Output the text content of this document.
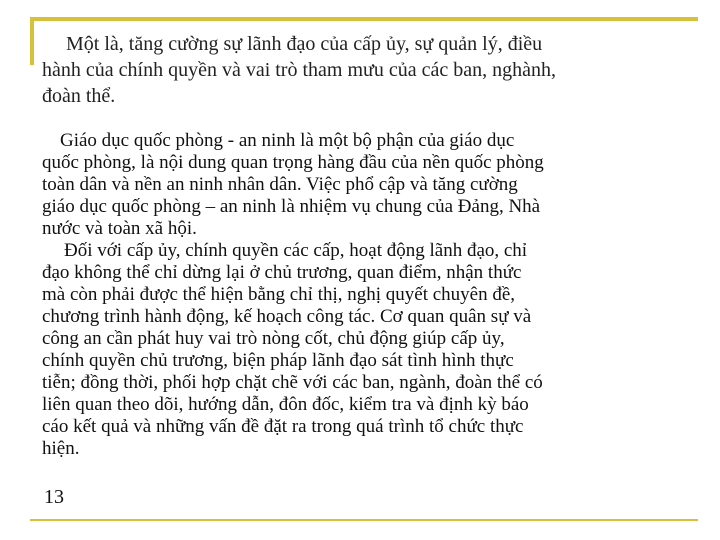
Một là, tăng cường sự lãnh đạo của cấp ủy, sự quản lý, điều
hành của chính quyền và vai trò tham mưu của các ban, nghành,
đoàn thể.
Giáo dục quốc phòng - an ninh là một bộ phận của giáo dục
quốc phòng, là nội dung quan trọng hàng đầu của nền quốc phòng
toàn dân và nền an ninh nhân dân. Việc phổ cập và tăng cường
giáo dục quốc phòng – an ninh là nhiệm vụ chung của Đảng, Nhà
nước và toàn xã hội.
Đối với cấp ủy, chính quyền các cấp, hoạt động lãnh đạo, chỉ
đạo không thể chỉ dừng lại ở chủ trương, quan điểm, nhận thức
mà còn phải được thể hiện bằng chỉ thị, nghị quyết chuyên đề,
chương trình hành động, kế hoạch công tác. Cơ quan quân sự và
công an cần phát huy vai trò nòng cốt, chủ động giúp cấp ủy,
chính quyền chủ trương, biện pháp lãnh đạo sát tình hình thực
tiễn; đồng thời, phối hợp chặt chẽ với các ban, ngành, đoàn thể có
liên quan theo dõi, hướng dẫn, đôn đốc, kiểm tra và định kỳ báo
cáo kết quả và những vấn đề đặt ra trong quá trình tổ chức thực
hiện.
13
